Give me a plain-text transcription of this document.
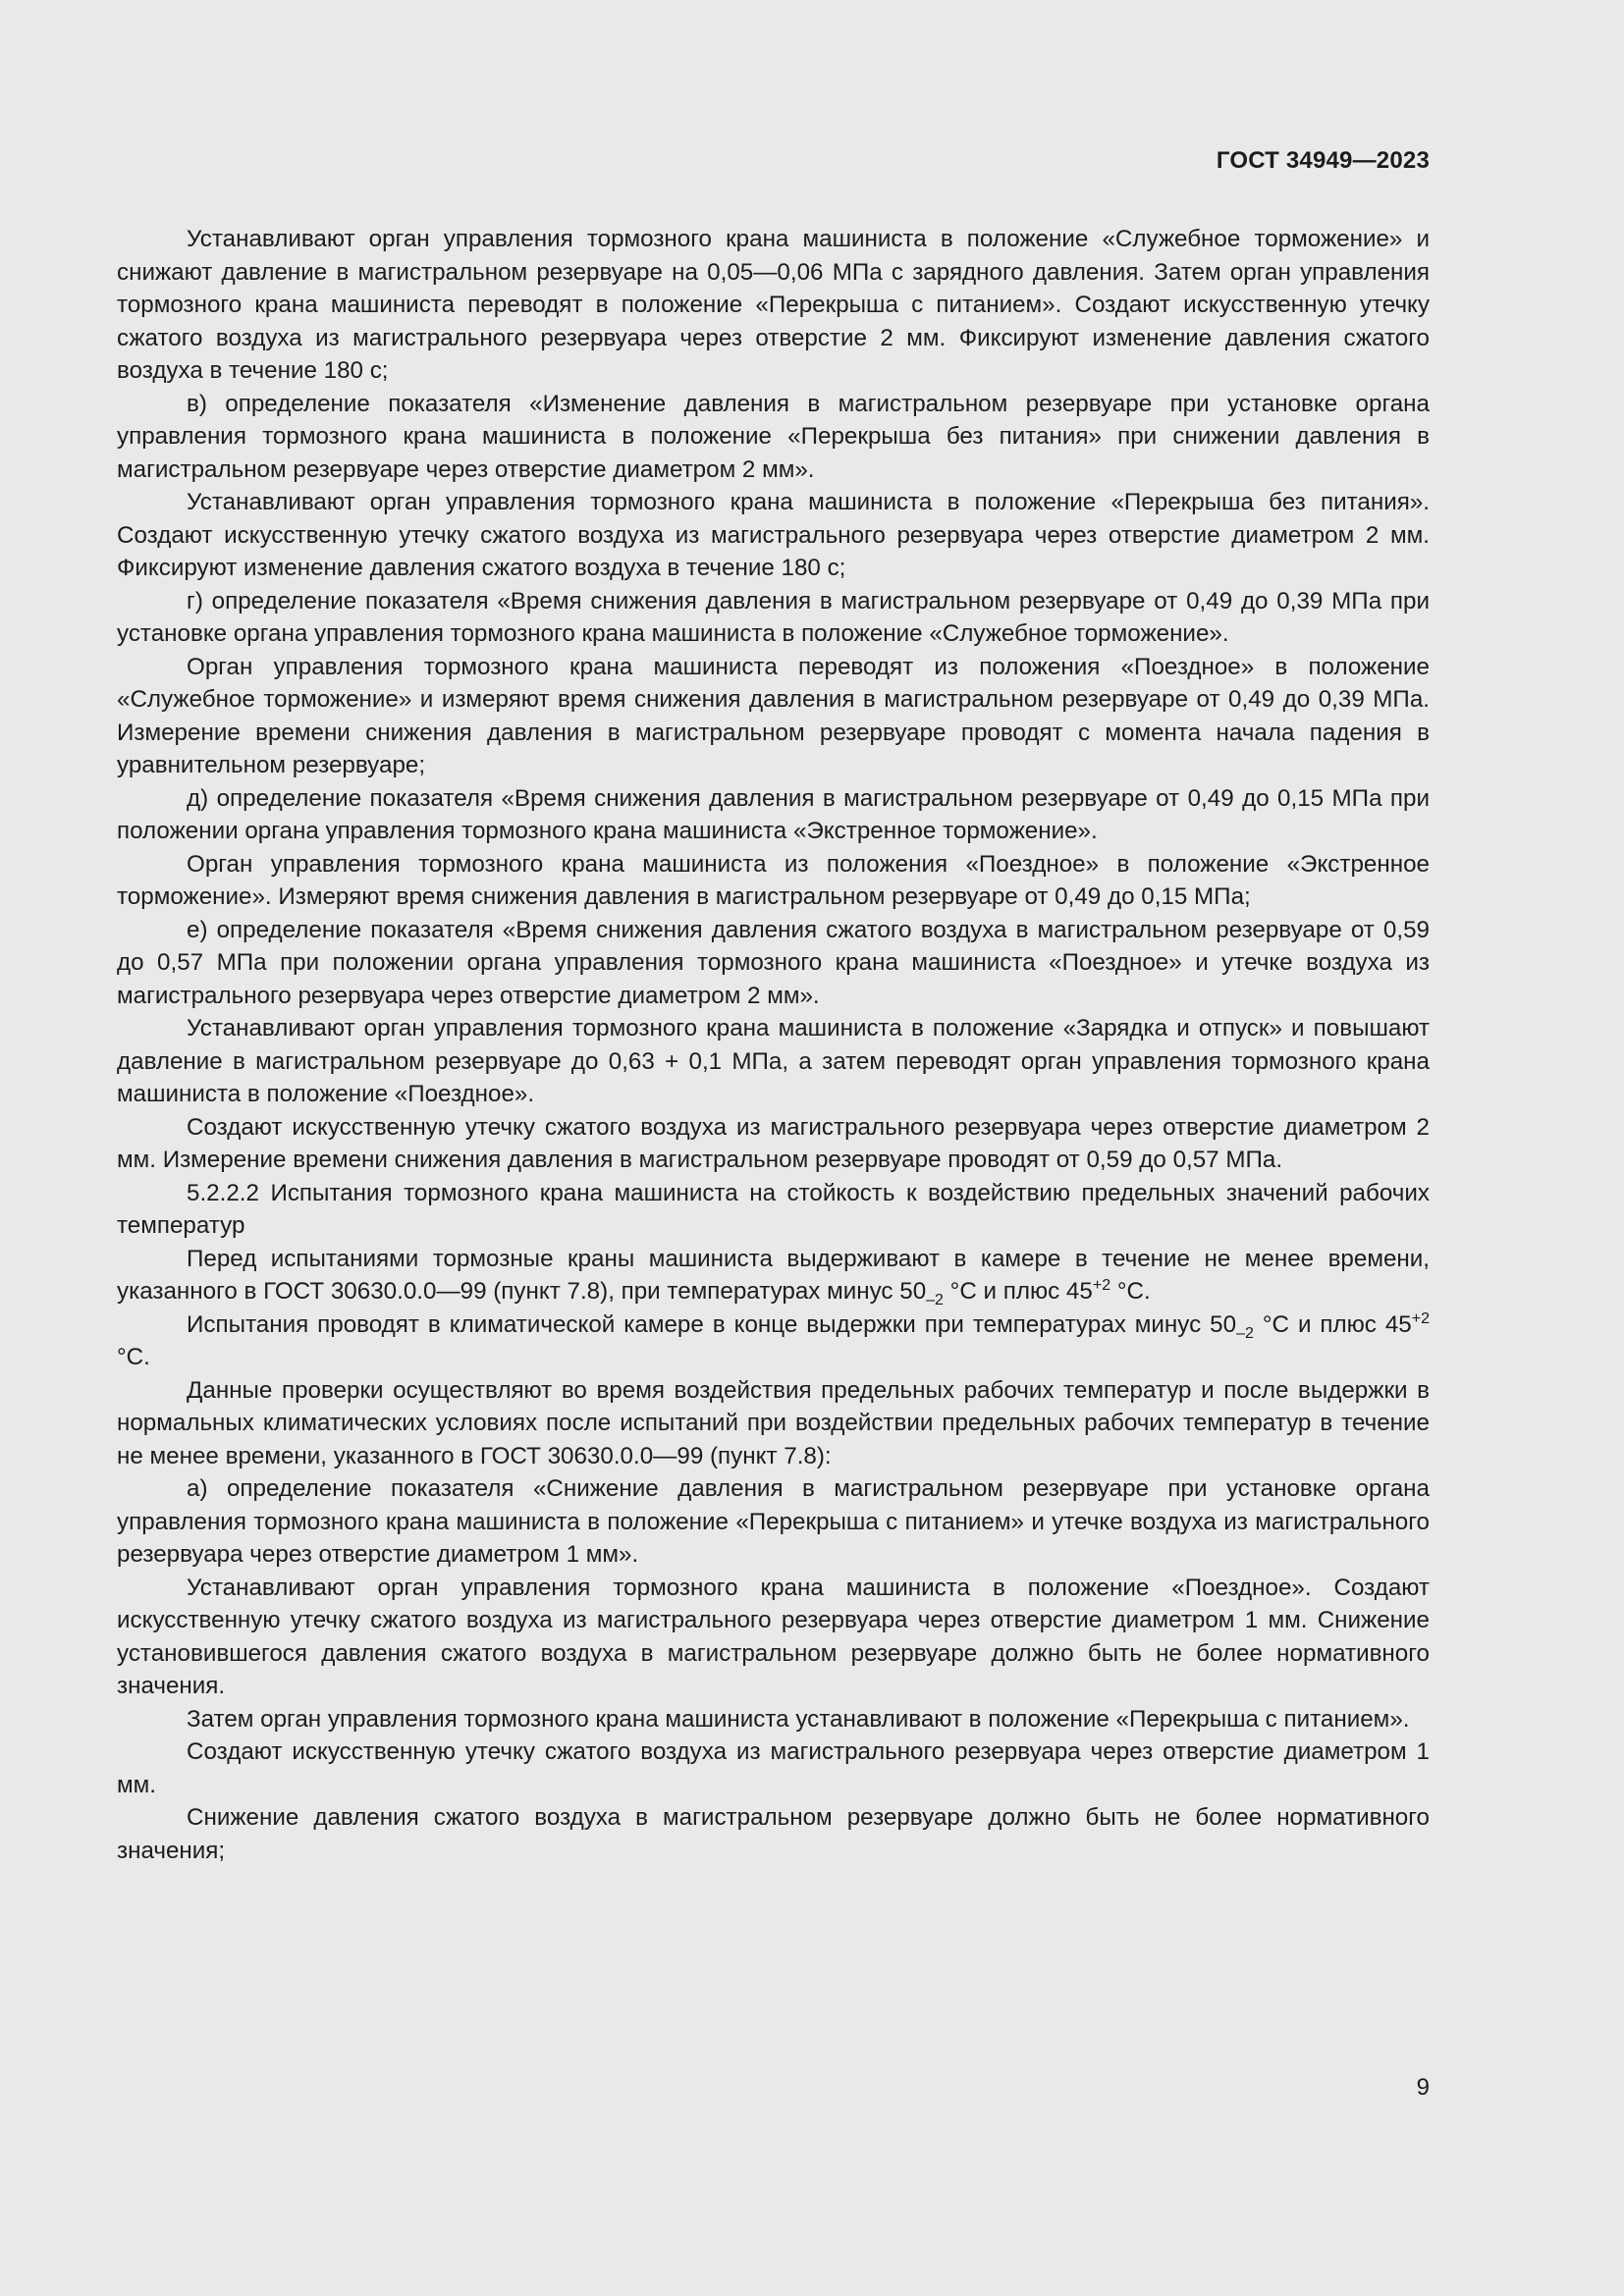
ГОСТ 34949—2023

Устанавливают орган управления тормозного крана машиниста в положение «Служебное торможение» и снижают давление в магистральном резервуаре на 0,05—0,06 МПа с зарядного давления. Затем орган управления тормозного крана машиниста переводят в положение «Перекрыша с питанием». Создают искусственную утечку сжатого воздуха из магистрального резервуара через отверстие 2 мм. Фиксируют изменение давления сжатого воздуха в течение 180 с;

в) определение показателя «Изменение давления в магистральном резервуаре при установке органа управления тормозного крана машиниста в положение «Перекрыша без питания» при снижении давления в магистральном резервуаре через отверстие диаметром 2 мм».

Устанавливают орган управления тормозного крана машиниста в положение «Перекрыша без питания». Создают искусственную утечку сжатого воздуха из магистрального резервуара через отверстие диаметром 2 мм. Фиксируют изменение давления сжатого воздуха в течение 180 с;

г) определение показателя «Время снижения давления в магистральном резервуаре от 0,49 до 0,39 МПа при установке органа управления тормозного крана машиниста в положение «Служебное торможение».

Орган управления тормозного крана машиниста переводят из положения «Поездное» в положение «Служебное торможение» и измеряют время снижения давления в магистральном резервуаре от 0,49 до 0,39 МПа. Измерение времени снижения давления в магистральном резервуаре проводят с момента начала падения в уравнительном резервуаре;

д) определение показателя «Время снижения давления в магистральном резервуаре от 0,49 до 0,15 МПа при положении органа управления тормозного крана машиниста «Экстренное торможение».

Орган управления тормозного крана машиниста из положения «Поездное» в положение «Экстренное торможение». Измеряют время снижения давления в магистральном резервуаре от 0,49 до 0,15 МПа;

е) определение показателя «Время снижения давления сжатого воздуха в магистральном резервуаре от 0,59 до 0,57 МПа при положении органа управления тормозного крана машиниста «Поездное» и утечке воздуха из магистрального резервуара через отверстие диаметром 2 мм».

Устанавливают орган управления тормозного крана машиниста в положение «Зарядка и отпуск» и повышают давление в магистральном резервуаре до 0,63 + 0,1 МПа, а затем переводят орган управления тормозного крана машиниста в положение «Поездное».

Создают искусственную утечку сжатого воздуха из магистрального резервуара через отверстие диаметром 2 мм. Измерение времени снижения давления в магистральном резервуаре проводят от 0,59 до 0,57 МПа.

5.2.2.2 Испытания тормозного крана машиниста на стойкость к воздействию предельных значений рабочих температур

Перед испытаниями тормозные краны машиниста выдерживают в камере в течение не менее времени, указанного в ГОСТ 30630.0.0—99 (пункт 7.8), при температурах минус $50_{-2}$ °С и плюс $45^{+2}$ °С.

Испытания проводят в климатической камере в конце выдержки при температурах минус $50_{-2}$ °С и плюс $45^{+2}$ °С.

Данные проверки осуществляют во время воздействия предельных рабочих температур и после выдержки в нормальных климатических условиях после испытаний при воздействии предельных рабочих температур в течение не менее времени, указанного в ГОСТ 30630.0.0—99 (пункт 7.8):

а) определение показателя «Снижение давления в магистральном резервуаре при установке органа управления тормозного крана машиниста в положение «Перекрыша с питанием» и утечке воздуха из магистрального резервуара через отверстие диаметром 1 мм».

Устанавливают орган управления тормозного крана машиниста в положение «Поездное». Создают искусственную утечку сжатого воздуха из магистрального резервуара через отверстие диаметром 1 мм. Снижение установившегося давления сжатого воздуха в магистральном резервуаре должно быть не более нормативного значения.

Затем орган управления тормозного крана машиниста устанавливают в положение «Перекрыша с питанием».

Создают искусственную утечку сжатого воздуха из магистрального резервуара через отверстие диаметром 1 мм.

Снижение давления сжатого воздуха в магистральном резервуаре должно быть не более нормативного значения;

9
